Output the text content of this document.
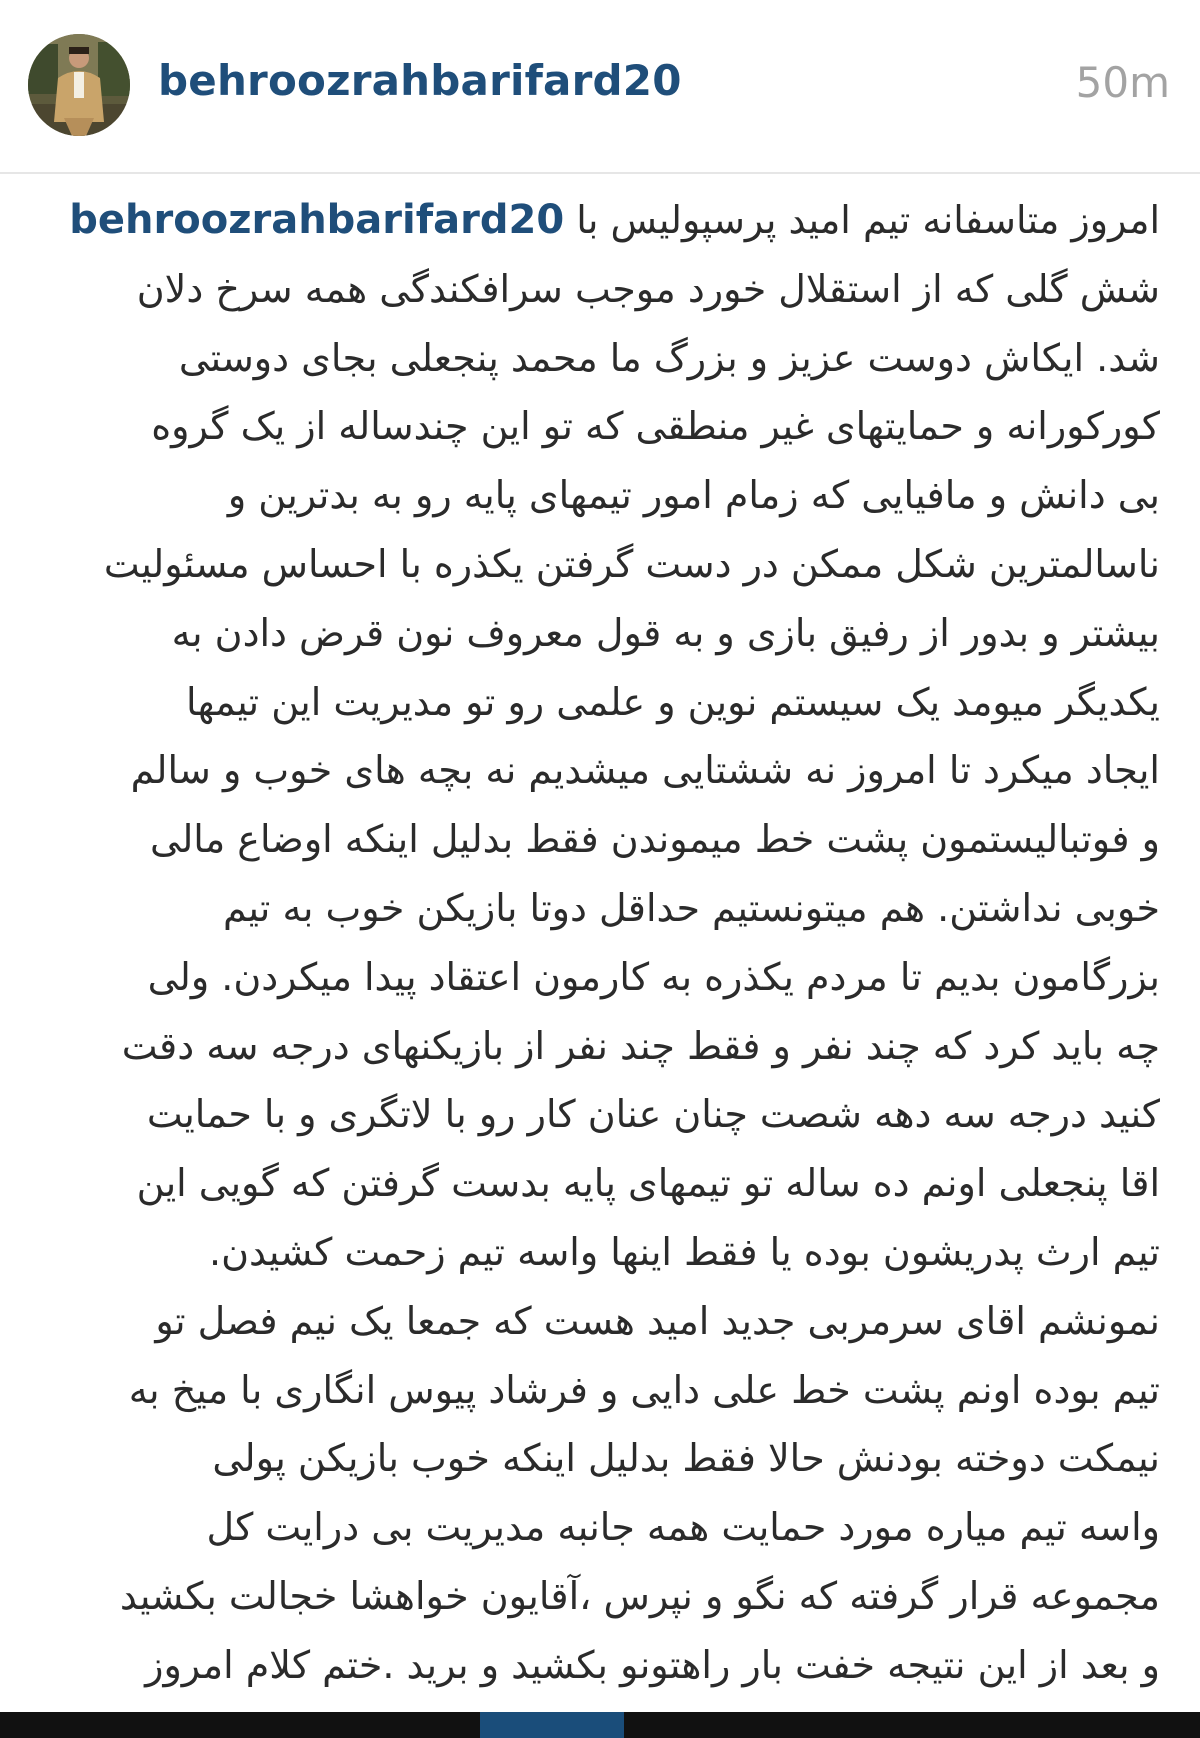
behroozrahbarifard20	50m
امروز متاسفانه تیم امید پرسپولیس با behroozrahbarifard20
شش گلی که از استقلال خورد موجب سرافکندگی همه سرخ دلان
شد. ایکاش دوست عزیز و بزرگ ما محمد پنجعلی بجای دوستی
کورکورانه و حمایتهای غیر منطقی که تو این چندساله از یک گروه
بی دانش و مافیایی که زمام امور تیمهای پایه رو به بدترین و
ناسالمترین شکل ممکن در دست گرفتن یکذره با احساس مسئولیت
بیشتر و بدور از رفیق بازی و به قول معروف نون قرض دادن به
یکدیگر میومد یک سیستم نوین و علمی رو تو مدیریت این تیمها
ایجاد میکرد تا امروز نه ششتایی میشدیم نه بچه های خوب و سالم
و فوتبالیستمون پشت خط میموندن فقط بدلیل اینکه اوضاع مالی
خوبی نداشتن. هم میتونستیم حداقل دوتا بازیکن خوب به تیم
بزرگامون بدیم تا مردم یکذره به کارمون اعتقاد پیدا میکردن. ولی
چه باید کرد که چند نفر و فقط چند نفر از بازیکنهای درجه سه دقت
کنید درجه سه دهه شصت چنان عنان کار رو با لاتگری و با حمایت
اقا پنجعلی اونم ده ساله تو تیمهای پایه بدست گرفتن که گویی این
تیم ارث پدریشون بوده یا فقط اینها واسه تیم زحمت کشیدن.
نمونشم اقای سرمربی جدید امید هست که جمعا یک نیم فصل تو
تیم بوده اونم پشت خط علی دایی و فرشاد پیوس انگاری با میخ به
نیمکت دوخته بودنش حالا فقط بدلیل اینکه خوب بازیکن پولی
واسه تیم میاره مورد حمایت همه جانبه مدیریت بی درایت کل
مجموعه قرار گرفته که نگو و نپرس ،آقایون خواهشا خجالت بکشید
و بعد از این نتیجه خفت بار راهتونو بکشید و برید .ختم کلام امروز
